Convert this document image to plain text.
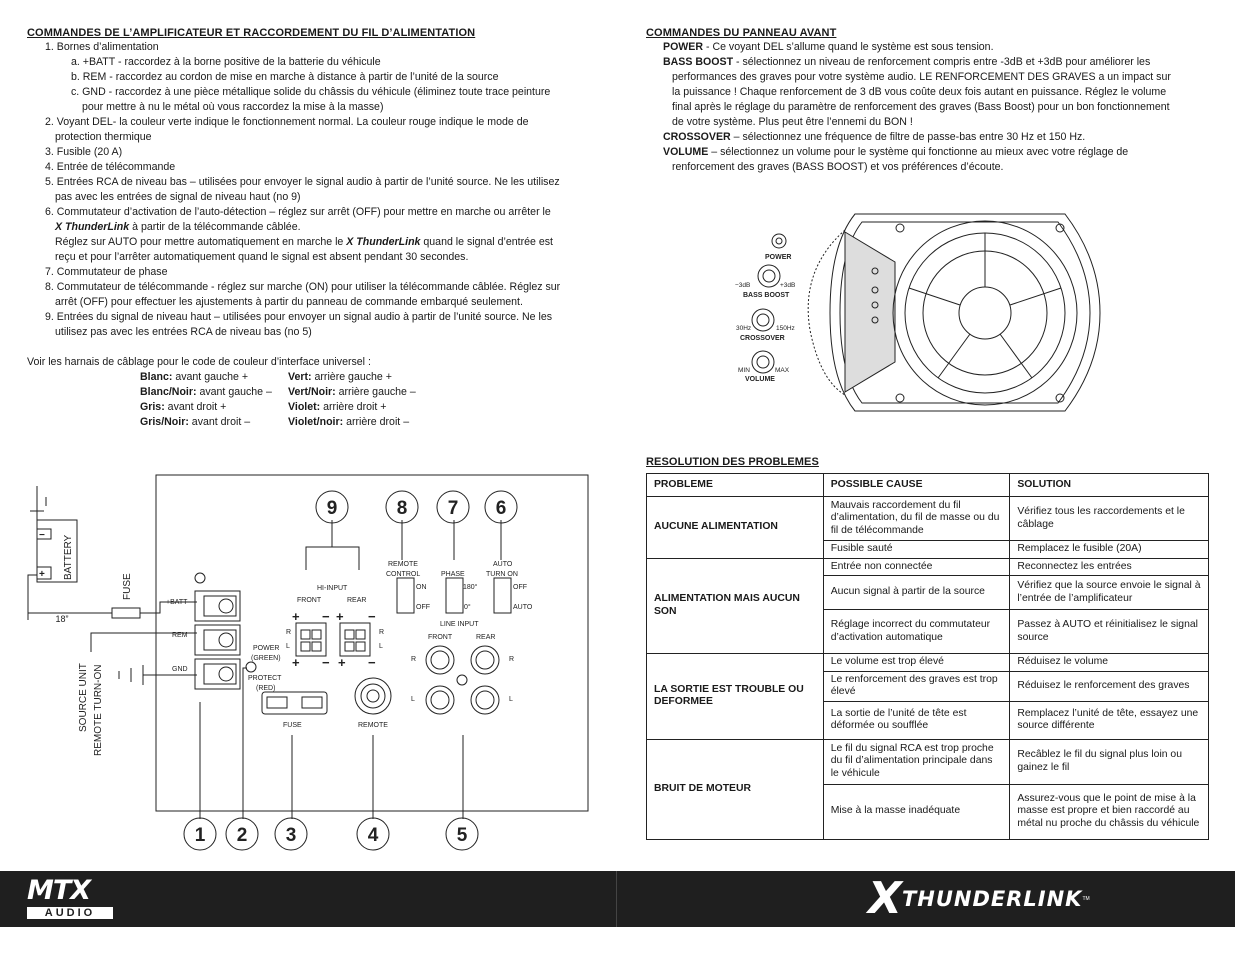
COMMANDES DE L’AMPLIFICATEUR ET RACCORDEMENT DU FIL D’ALIMENTATION
1. Bornes d’alimentation
a. +BATT - raccordez à la borne positive de la batterie du véhicule
b. REM - raccordez au cordon de mise en marche à distance à partir de l’unité de la source
c. GND - raccordez à une pièce métallique solide du châssis du véhicule (éliminez toute trace peinture
pour mettre à nu le métal où vous raccordez la mise à la masse)
2. Voyant DEL- la couleur verte indique le fonctionnement normal. La couleur rouge indique le mode de
protection thermique
3. Fusible (20 A)
4. Entrée de télécommande
5. Entrées RCA de niveau bas – utilisées pour envoyer le signal audio à partir de l’unité source. Ne les utilisez
pas avec les entrées de signal de niveau haut (no 9)
6. Commutateur d’activation de l’auto-détection – réglez sur arrêt (OFF) pour mettre en marche ou arrêter le
X ThunderLink à partir de la télécommande câblée.
Réglez sur AUTO pour mettre automatiquement en marche le X ThunderLink quand le signal d’entrée est
reçu et pour l’arrêter automatiquement quand le signal est absent pendant 30 secondes.
7. Commutateur de phase
8. Commutateur de télécommande - réglez sur marche (ON) pour utiliser la télécommande câblée. Réglez sur
arrêt (OFF) pour effectuer les ajustements à partir du panneau de commande embarqué seulement.
9. Entrées du signal de niveau haut – utilisées pour envoyer un signal audio à partir de l’unité source. Ne les
utilisez pas avec les entrées RCA de niveau bas (no 5)
Voir les harnais de câblage pour le code de couleur d’interface universel :
Blanc: avant gauche +	Vert: arrière gauche +
Blanc/Noir: avant gauche – Vert/Noir: arrière gauche –
Gris: avant droit +	Violet: arrière droit +
Gris/Noir: avant droit –	Violet/noir: arrière droit –
BATTERY
FUSE
18”
SOURCE UNIT REMOTE TURN-ON
+BATT
REM
GND
POWER
(GREEN)
PROTECT
(RED)
FUSE	REMOTE
HI-INPUT
FRONT	REAR
REMOTE
CONTROL	PHASE
AUTO
TURN ON
ON
OFF
180°
0°
OFF
AUTO
LINE INPUT
FRONT	REAR
R
L
R
L
R
L
R
L
+ − + −
+ − + −
−
+
9	8 7 6
1 2 3	4	5
COMMANDES DU PANNEAU AVANT
POWER - Ce voyant DEL s’allume quand le système est sous tension.
BASS BOOST - sélectionnez un niveau de renforcement compris entre -3dB et +3dB pour améliorer les
performances des graves pour votre système audio. LE RENFORCEMENT DES GRAVES a un impact sur
la puissance ! Chaque renforcement de 3 dB vous coûte deux fois autant en puissance. Réglez le volume
final après le réglage du paramètre de renforcement des graves (Bass Boost) pour un bon fonctionnement
de votre système. Plus peut être l’ennemi du BON !
CROSSOVER – sélectionnez une fréquence de filtre de passe-bas entre 30 Hz et 150 Hz.
VOLUME – sélectionnez un volume pour le système qui fonctionne au mieux avec votre réglage de
renforcement des graves (BASS BOOST) et vos préférences d’écoute.
POWER
−3dB	+3dB
BASS BOOST
30Hz	150Hz
CROSSOVER
MIN	MAX
VOLUME
RESOLUTION DES PROBLEMES
PROBLEME	POSSIBLE CAUSE	SOLUTION
AUCUNE ALIMENTATION	Mauvais raccordement du fil d’alimentation, du fil de masse ou du fil de télécommande	Vérifiez tous les raccordements et le câblage
	Fusible sauté	Remplacez le fusible (20A)
ALIMENTATION MAIS AUCUN SON	Entrée non connectée	Reconnectez les entrées
	Aucun signal à partir de la source	Vérifiez que la source envoie le signal à l’entrée de l’amplificateur
	Réglage incorrect du commutateur d’activation automatique	Passez à AUTO et réinitialisez le signal source
LA SORTIE EST TROUBLE OU DEFORMEE	Le volume est trop élevé	Réduisez le volume
	Le renforcement des graves est trop élevé	Réduisez le renforcement des graves
	La sortie de l’unité de tête est déformée ou soufflée	Remplacez l’unité de tête, essayez une source différente
BRUIT DE MOTEUR	Le fil du signal RCA est trop proche du fil d’alimentation principale dans le véhicule	Recâblez le fil du signal plus loin ou gainez le fil
	Mise à la masse inadéquate	Assurez-vous que le point de mise à la masse est propre et bien raccordé au métal nu proche du châssis du véhicule
MTX
AUDIO	XTHUNDERLINKTM
